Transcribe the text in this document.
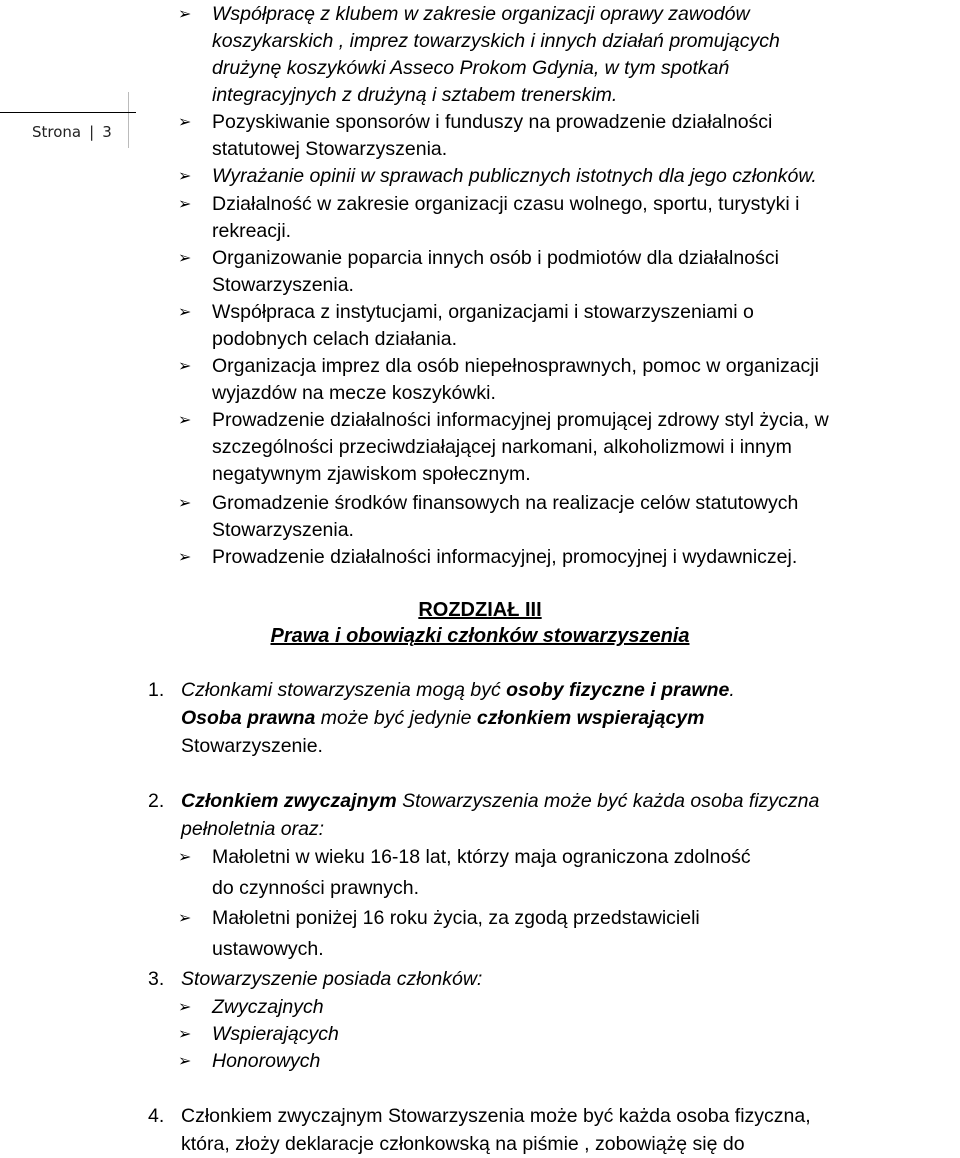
Strona | 3
➢ Współpracę z klubem w zakresie organizacji oprawy zawodów
koszykarskich , imprez towarzyskich i innych działań promujących
drużynę koszykówki Asseco Prokom Gdynia, w tym spotkań
integracyjnych z drużyną i sztabem trenerskim.
➢ Pozyskiwanie sponsorów i funduszy na prowadzenie działalności
statutowej Stowarzyszenia.
➢ Wyrażanie opinii w sprawach publicznych istotnych dla jego członków.
➢ Działalność w zakresie organizacji czasu wolnego, sportu, turystyki i
rekreacji.
➢ Organizowanie poparcia innych osób i podmiotów dla działalności
Stowarzyszenia.
➢ Współpraca z instytucjami, organizacjami i stowarzyszeniami o
podobnych celach działania.
➢ Organizacja imprez dla osób niepełnosprawnych, pomoc w organizacji
wyjazdów na mecze koszykówki.
➢ Prowadzenie działalności informacyjnej promującej zdrowy styl życia, w
szczególności przeciwdziałającej narkomani, alkoholizmowi i innym
negatywnym zjawiskom społecznym.
➢ Gromadzenie środków finansowych na realizacje celów statutowych
Stowarzyszenia.
➢ Prowadzenie działalności informacyjnej, promocyjnej i wydawniczej.
ROZDZIAŁ III
Prawa i obowiązki członków stowarzyszenia
1. Członkami stowarzyszenia mogą być osoby fizyczne i prawne.
Osoba prawna może być jedynie członkiem wspierającym
Stowarzyszenie.
2. Członkiem zwyczajnym Stowarzyszenia może być każda osoba fizyczna
pełnoletnia oraz:
➢ Małoletni w wieku 16-18 lat, którzy maja ograniczona zdolność
do czynności prawnych.
➢ Małoletni poniżej 16 roku życia, za zgodą przedstawicieli
ustawowych.
3. Stowarzyszenie posiada członków:
➢ Zwyczajnych
➢ Wspierających
➢ Honorowych
4. Członkiem zwyczajnym Stowarzyszenia może być każda osoba fizyczna,
która, złoży deklaracje członkowską na piśmie , zobowiążę się do
